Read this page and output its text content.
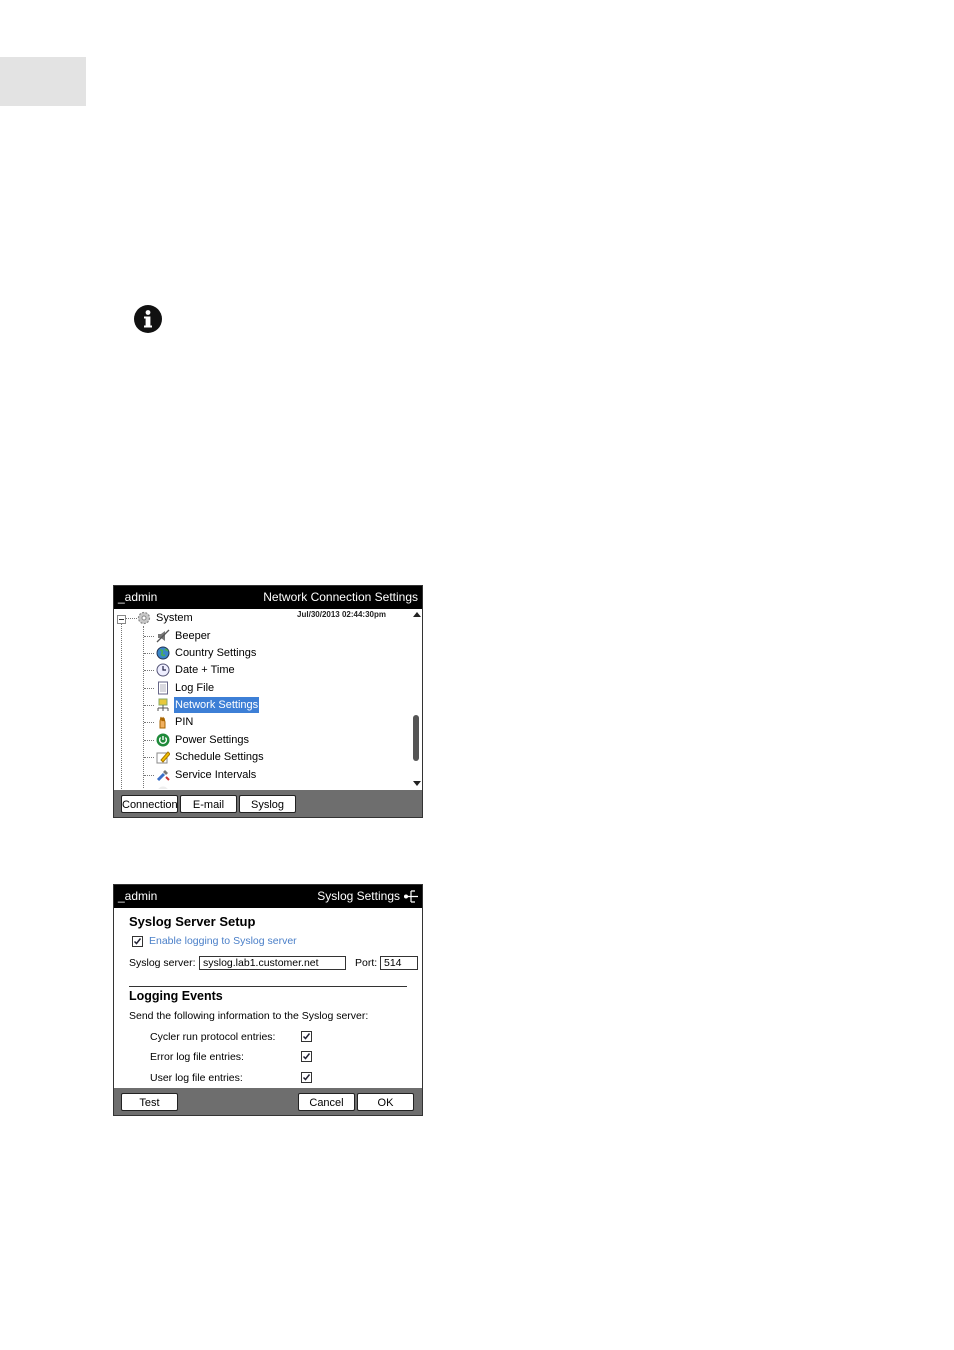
_admin	Network Connection Settings
Jul/30/2013 02:44:30pm
System
Beeper
Country Settings
Date + Time
Log File
Network Settings
PIN
Power Settings
Schedule Settings
Service Intervals
Connection	E-mail	Syslog
_admin	Syslog Settings
Syslog Server Setup
Enable logging to Syslog server
Syslog server:
syslog.lab1.customer.net	Port:
514
Logging Events
Send the following information to the Syslog server:
Cycler run protocol entries:
Error log file entries:
User log file entries:
Test	Cancel	OK
